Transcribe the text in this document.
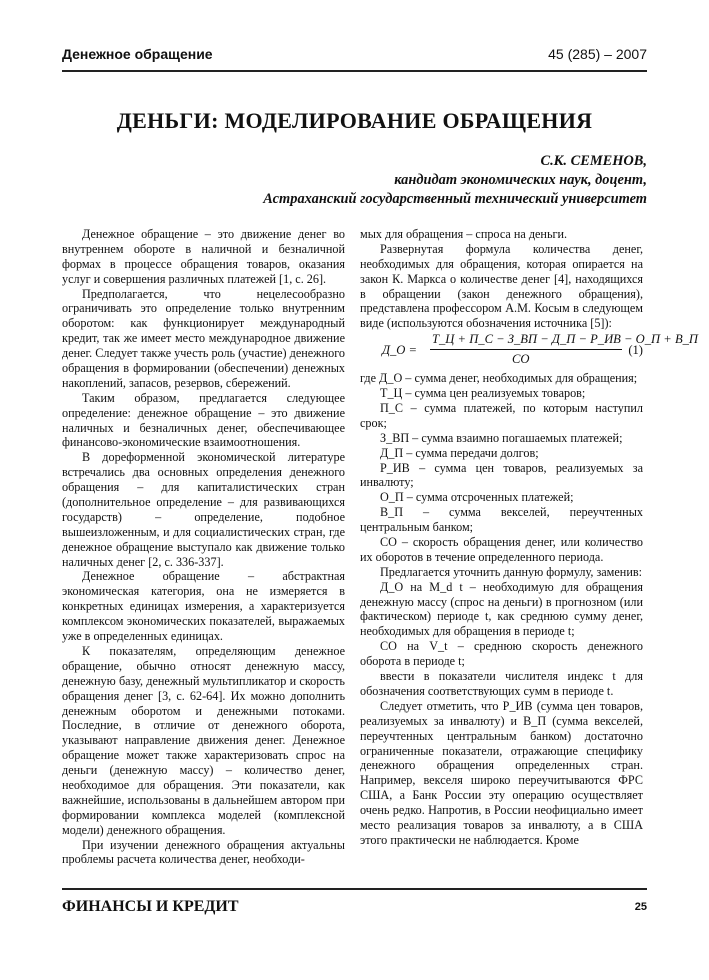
Денежное обращение	45 (285) – 2007
ДЕНЬГИ: МОДЕЛИРОВАНИЕ ОБРАЩЕНИЯ
С.К. СЕМЕНОВ,
кандидат экономических наук, доцент,
Астраханский государственный технический университет

Денежное обращение – это движение денег во внутреннем обороте в наличной и безналичной формах в процессе обращения товаров, оказания услуг и совершения различных платежей [1, с. 26].

Предполагается, что нецелесообразно ограничивать это определение только внутренним оборотом: как функционирует международный кредит, так же имеет место международное движение денег. Следует также учесть роль (участие) денежного обращения в формировании (обеспечении) денежных накоплений, запасов, резервов, сбережений.

Таким образом, предлагается следующее определение: денежное обращение – это движение наличных и безналичных денег, обеспечивающее финансово-экономические взаимоотношения.

В дореформенной экономической литературе встречались два основных определения денежного обращения – для капиталистических стран (дополнительное определение – для развивающихся государств) – определение, подобное вышеизложенным, и для социалистических стран, где денежное обращение выступало как движение только наличных денег [2, с. 336-337].

Денежное обращение – абстрактная экономическая категория, она не измеряется в конкретных единицах измерения, а характеризуется комплексом экономических показателей, выражаемых уже в определенных единицах.

К показателям, определяющим денежное обращение, обычно относят денежную массу, денежную базу, денежный мультипликатор и скорость обращения денег [3, с. 62-64]. Их можно дополнить денежным оборотом и денежными потоками. Последние, в отличие от денежного оборота, указывают направление движения денег. Денежное обращение может также характеризовать спрос на деньги (денежную массу) – количество денег, необходимое для обращения. Эти показатели, как важнейшие, использованы в дальнейшем автором при формировании комплекса моделей (комплексной модели) денежного обращения.

При изучении денежного обращения актуальны проблемы расчета количества денег, необходи-

мых для обращения – спроса на деньги.

Развернутая формула количества денег, необходимых для обращения, которая опирается на закон К. Маркса о количестве денег [4], находящихся в обращении (закон денежного обращения), представлена профессором А.М. Косым в следующем виде (используются обозначения источника [5]):

Д_О =
Т_Ц + П_С − З_ВП − Д_П − Р_ИВ − О_П + В_П
СО
(1)

где Д_О – сумма денег, необходимых для обращения;

Т_Ц – сумма цен реализуемых товаров;

П_С – сумма платежей, по которым наступил срок;

З_ВП – сумма взаимно погашаемых платежей;

Д_П – сумма передачи долгов;

Р_ИВ – сумма цен товаров, реализуемых за инвалюту;

О_П – сумма отсроченных платежей;

В_П – сумма векселей, переучтенных центральным банком;

СО – скорость обращения денег, или количество их оборотов в течение определенного периода.

Предлагается уточнить данную формулу, заменив:

Д_О на M_d t – необходимую для обращения денежную массу (спрос на деньги) в прогнозном (или фактическом) периоде t, как среднюю сумму денег, необходимых для обращения в периоде t;

СО на V_t – среднюю скорость денежного оборота в периоде t;

ввести в показатели числителя индекс t для обозначения соответствующих сумм в периоде t.

Следует отметить, что Р_ИВ (сумма цен товаров, реализуемых за инвалюту) и В_П (сумма векселей, переучтенных центральным банком) достаточно ограниченные показатели, отражающие специфику денежного обращения определенных стран. Например, векселя широко переучитываются ФРС США, а Банк России эту операцию осуществляет очень редко. Напротив, в России неофициально имеет место реализация товаров за инвалюту, а в США этого практически не наблюдается. Кроме

ФИНАНСЫ И КРЕДИТ	25
